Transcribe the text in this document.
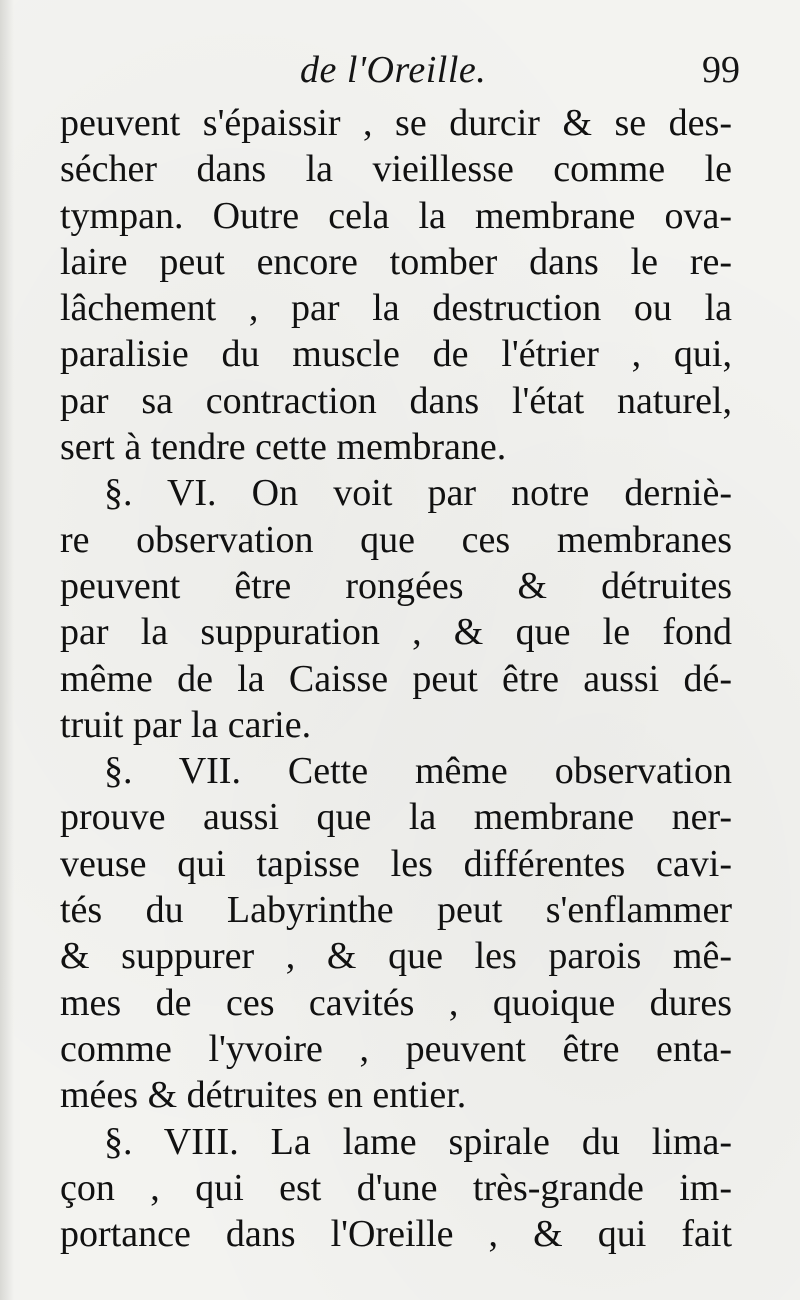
de l'Oreille.	99
peuvent s'épaissir , se durcir & se des-
sécher dans la vieillesse comme le
tympan. Outre cela la membrane ova-
laire peut encore tomber dans le re-
lâchement , par la destruction ou la
paralisie du muscle de l'étrier , qui,
par sa contraction dans l'état naturel,
sert à tendre cette membrane.
§. VI. On voit par notre derniè-
re observation que ces membranes
peuvent être rongées & détruites
par la suppuration , & que le fond
même de la Caisse peut être aussi dé-
truit par la carie.
§. VII. Cette même observation
prouve aussi que la membrane ner-
veuse qui tapisse les différentes cavi-
tés du Labyrinthe peut s'enflammer
& suppurer , & que les parois mê-
mes de ces cavités , quoique dures
comme l'yvoire , peuvent être enta-
mées & détruites en entier.
§. VIII. La lame spirale du lima-
çon , qui est d'une très-grande im-
portance dans l'Oreille , & qui fait
